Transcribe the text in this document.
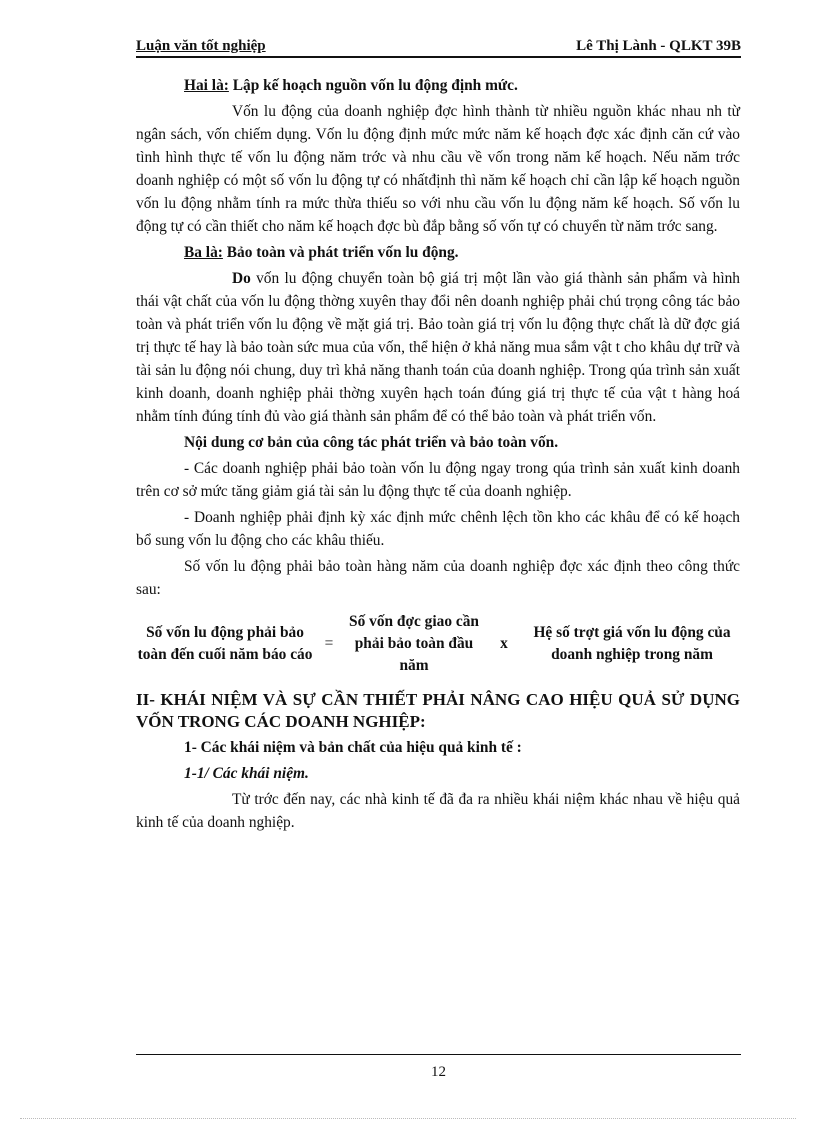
Luận văn tốt nghiệp	Lê Thị Lành - QLKT 39B

Hai là: Lập kế hoạch nguồn vốn lu động định mức.

Vốn lu động của doanh nghiệp đợc hình thành từ nhiều nguồn khác nhau nh từ ngân sách, vốn chiếm dụng. Vốn lu động định mức mức năm kế hoạch đợc xác định căn cứ vào tình hình thực tế vốn lu động năm trớc và nhu cầu về vốn trong năm kế hoạch. Nếu năm trớc doanh nghiệp có một số vốn lu động tự có nhấtđịnh thì năm kế hoạch chỉ cần lập kế hoạch nguồn vốn lu động nhằm tính ra mức thừa thiếu so với nhu cầu vốn lu động năm kế hoạch. Số vốn lu động tự có cần thiết cho năm kế hoạch đợc bù đắp bằng số vốn tự có chuyển từ năm trớc sang.

Ba là: Bảo toàn và phát triển vốn lu động.

Do vốn lu động chuyển toàn bộ giá trị một lần vào giá thành sản phẩm và hình thái vật chất của vốn lu động thờng xuyên thay đổi nên doanh nghiệp phải chú trọng công tác bảo toàn và phát triển vốn lu động về mặt giá trị. Bảo toàn giá trị vốn lu động thực chất là dữ đợc giá trị thực tế hay là bảo toàn sức mua của vốn, thể hiện ở khả năng mua sắm vật t cho khâu dự trữ và tài sản lu động nói chung, duy trì khả năng thanh toán của doanh nghiệp. Trong qúa trình sản xuất kinh doanh, doanh nghiệp phải thờng xuyên hạch toán đúng giá trị thực tế của vật t hàng hoá nhằm tính đúng tính đủ vào giá thành sản phẩm để có thể bảo toàn và phát triển vốn.

Nội dung cơ bản của công tác phát triển và bảo toàn vốn.

- Các doanh nghiệp phải bảo toàn vốn lu động ngay trong qúa trình sản xuất kinh doanh trên cơ sở mức tăng giảm giá tài sản lu động thực tế của doanh nghiệp.

- Doanh nghiệp phải định kỳ xác định mức chênh lệch tồn kho các khâu để có kế hoạch bổ sung vốn lu động cho các khâu thiếu.

Số vốn lu động phải bảo toàn hàng năm của doanh nghiệp đợc xác định theo công thức sau:

Số vốn lu động phải bảo toàn đến cuối năm báo cáo
=
Số vốn đợc giao cần phải bảo toàn đầu năm
x
Hệ số trợt giá vốn lu động của doanh nghiệp trong năm

II- KHÁI NIỆM VÀ SỰ CẦN THIẾT PHẢI NÂNG CAO HIỆU QUẢ SỬ DỤNG VỐN TRONG CÁC DOANH NGHIỆP:

1- Các khái niệm và bản chất của hiệu quả kinh tế :

1-1/ Các khái niệm.

Từ trớc đến nay, các nhà kinh tế đã đa ra nhiều khái niệm khác nhau về hiệu quả kinh tế của doanh nghiệp.

12
